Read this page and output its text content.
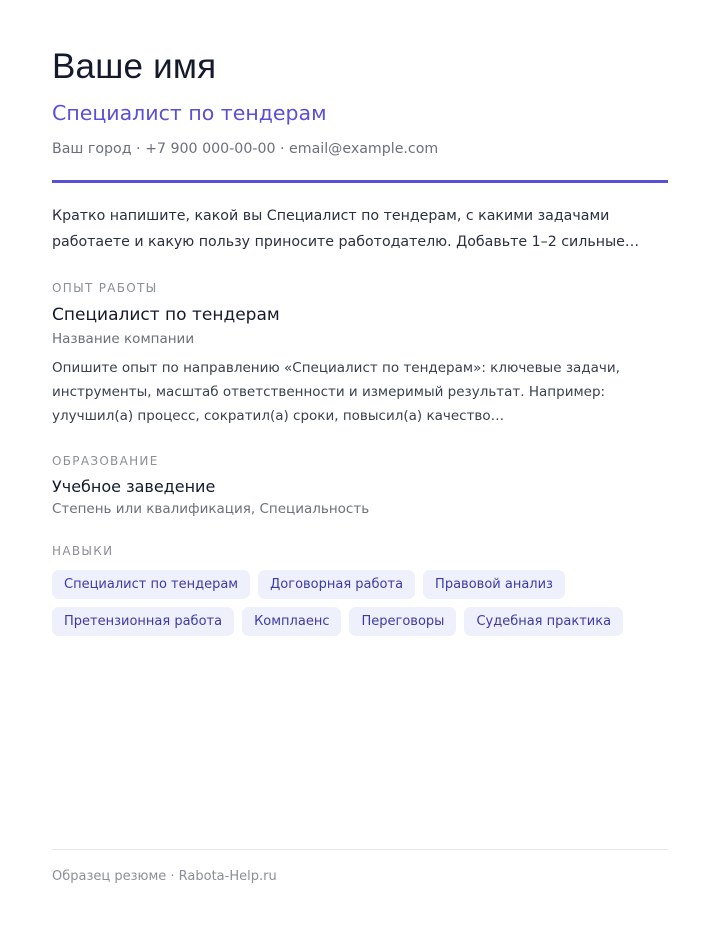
Ваше имя
Специалист по тендерам
Ваш город · +7 900 000-00-00 · email@example.com

Кратко напишите, какой вы Специалист по тендерам, с какими задачами работаете и какую пользу приносите работодателю. Добавьте 1–2 сильные…

ОПЫТ РАБОТЫ
Специалист по тендерам
Название компании

Опишите опыт по направлению «Специалист по тендерам»: ключевые задачи, инструменты, масштаб ответственности и измеримый результат. Например: улучшил(а) процесс, сократил(а) сроки, повысил(а) качество…

ОБРАЗОВАНИЕ
Учебное заведение
Степень или квалификация, Специальность
НАВЫКИ
Специалист по тендерам	Договорная работа	Правовой анализ
Претензионная работа	Комплаенс	Переговоры	Судебная практика
Образец резюме · Rabota-Help.ru
